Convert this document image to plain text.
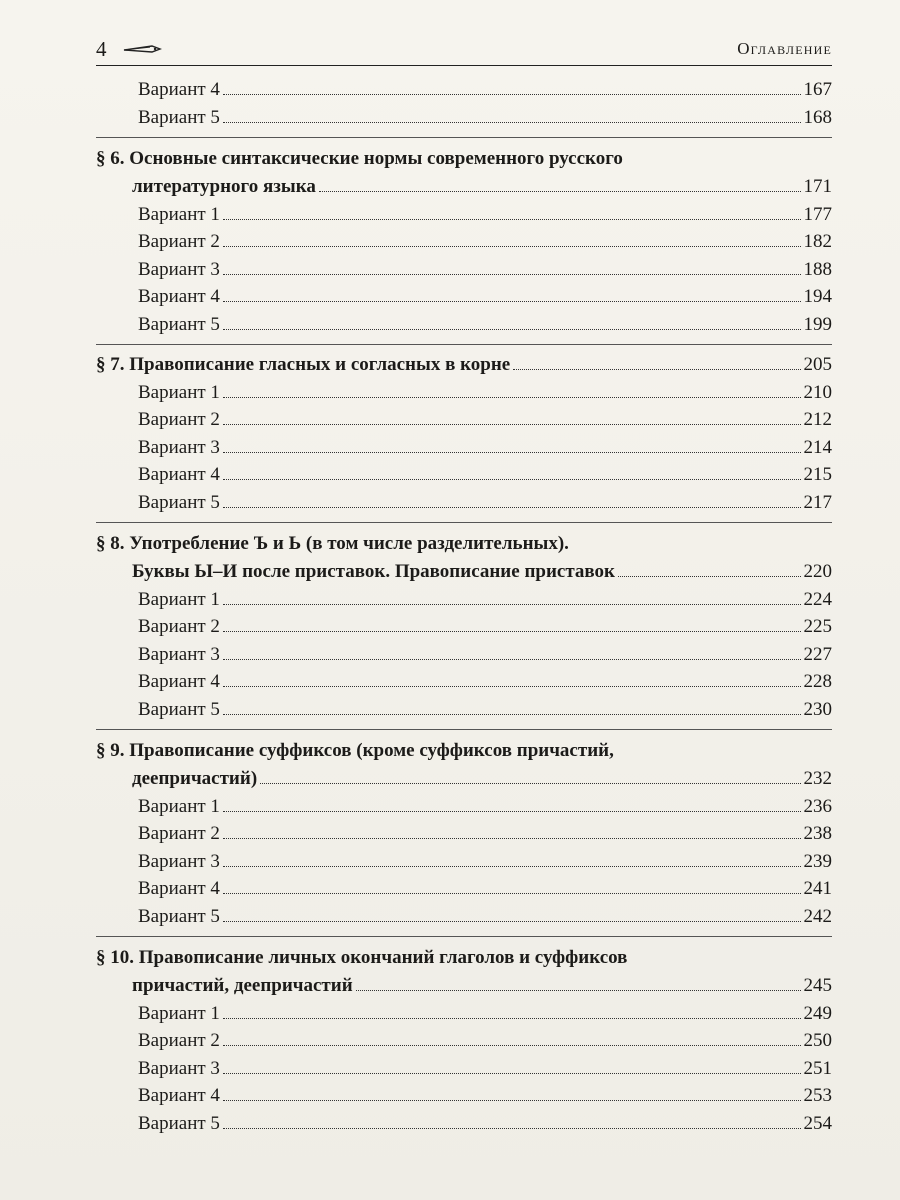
4	Оглавление
Вариант 4	167
Вариант 5	168
§ 6. Основные синтаксические нормы современного русского
литературного языка	171
Вариант 1	177
Вариант 2	182
Вариант 3	188
Вариант 4	194
Вариант 5	199
§ 7. Правописание гласных и согласных в корне	205
Вариант 1	210
Вариант 2	212
Вариант 3	214
Вариант 4	215
Вариант 5	217
§ 8. Употребление Ъ и Ь (в том числе разделительных).
Буквы Ы–И после приставок. Правописание приставок	220
Вариант 1	224
Вариант 2	225
Вариант 3	227
Вариант 4	228
Вариант 5	230
§ 9. Правописание суффиксов (кроме суффиксов причастий,
деепричастий)	232
Вариант 1	236
Вариант 2	238
Вариант 3	239
Вариант 4	241
Вариант 5	242
§ 10. Правописание личных окончаний глаголов и суффиксов
причастий, деепричастий	245
Вариант 1	249
Вариант 2	250
Вариант 3	251
Вариант 4	253
Вариант 5	254
